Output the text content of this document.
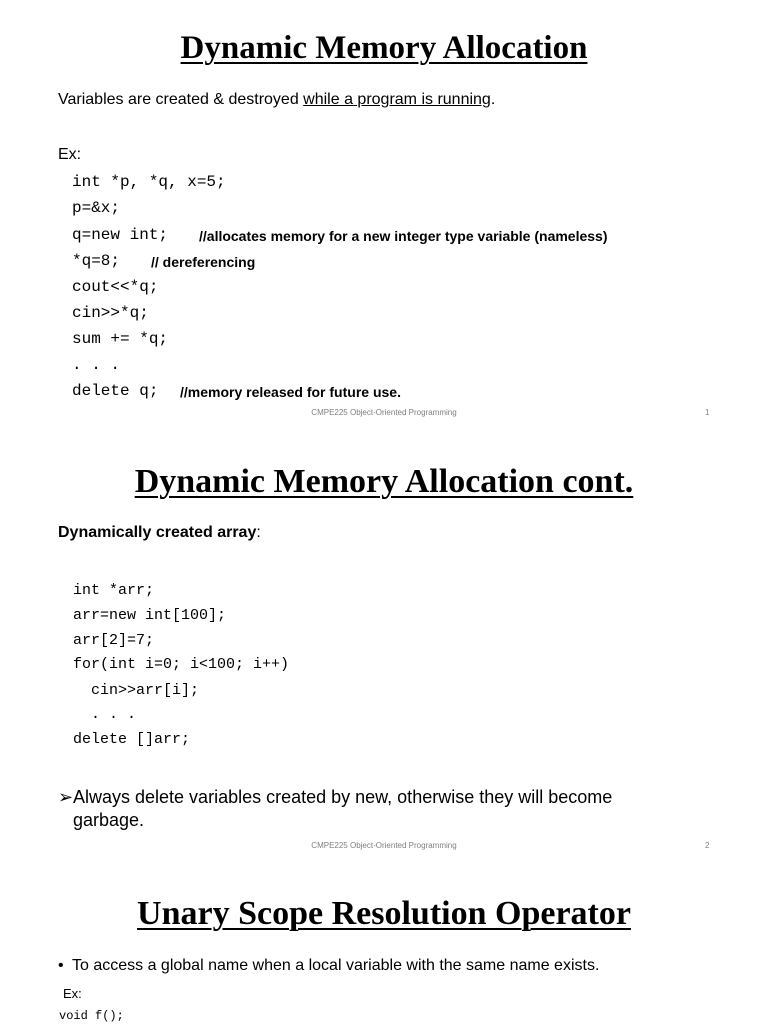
Dynamic Memory Allocation
Variables are created & destroyed while a program is running.
Ex:
int *p, *q, x=5;
p=&x;
q=new int; //allocates memory for a new integer type variable (nameless)
*q=8; // dereferencing
cout<<*q;
cin>>*q;
sum += *q;
. . .
delete q; //memory released for future use.
CMPE225 Object-Oriented Programming	1
Dynamic Memory Allocation cont.
Dynamically created array:
int *arr;
arr=new int[100];
arr[2]=7;
for(int i=0; i<100; i++)
cin>>arr[i];
. . .
delete []arr;
➢ Always delete variables created by new, otherwise they will become
garbage.
CMPE225 Object-Oriented Programming	2
Unary Scope Resolution Operator
• To access a global name when a local variable with the same name exists.
Ex:
void f();
